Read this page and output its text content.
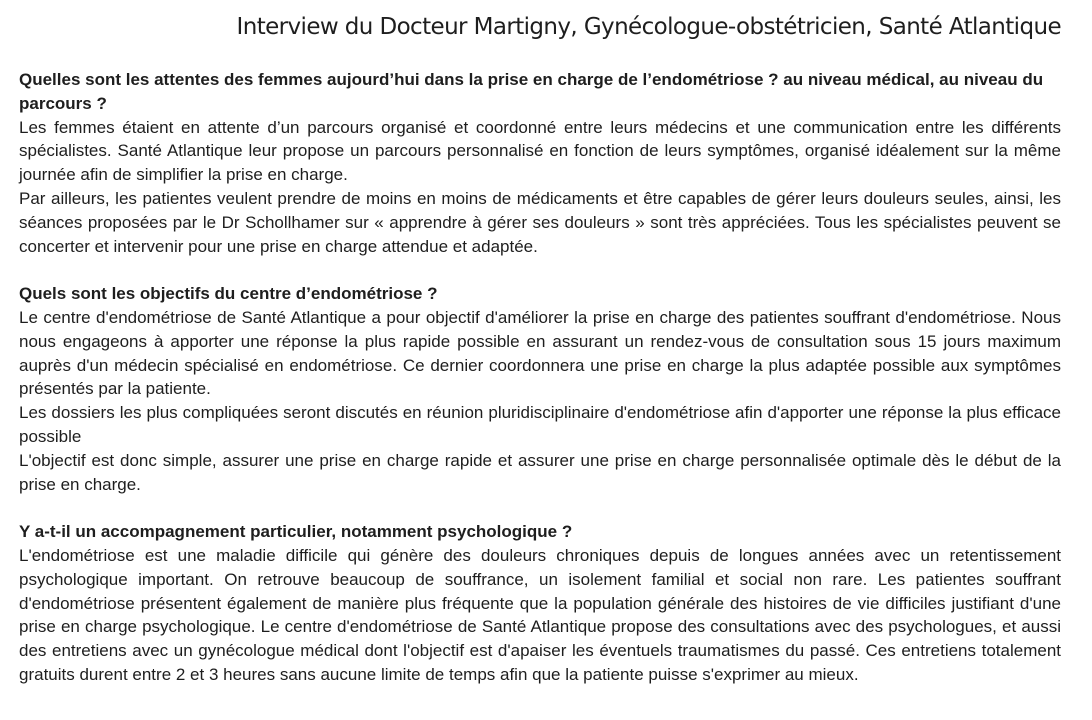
Interview du Docteur Martigny, Gynécologue-obstétricien, Santé Atlantique

Quelles sont les attentes des femmes aujourd’hui dans la prise en charge de l’endométriose ? au niveau médical, au niveau du parcours ?

Les femmes étaient en attente d’un parcours organisé et coordonné entre leurs médecins et une communication entre les différents spécialistes. Santé Atlantique leur propose un parcours personnalisé en fonction de leurs symptômes, organisé idéalement sur la même journée afin de simplifier la prise en charge.

Par ailleurs, les patientes veulent prendre de moins en moins de médicaments et être capables de gérer leurs douleurs seules, ainsi, les séances proposées par le Dr Schollhamer sur « apprendre à gérer ses douleurs » sont très appréciées. Tous les spécialistes peuvent se concerter et intervenir pour une prise en charge attendue et adaptée.

Quels sont les objectifs du centre d’endométriose ?

Le centre d'endométriose de Santé Atlantique a pour objectif d'améliorer la prise en charge des patientes souffrant d'endométriose. Nous nous engageons à apporter une réponse la plus rapide possible en assurant un rendez-vous de consultation sous 15 jours maximum auprès d'un médecin spécialisé en endométriose. Ce dernier coordonnera une prise en charge la plus adaptée possible aux symptômes présentés par la patiente.

Les dossiers les plus compliquées seront discutés en réunion pluridisciplinaire d'endométriose afin d'apporter une réponse la plus efficace possible

L'objectif est donc simple, assurer une prise en charge rapide et assurer une prise en charge personnalisée optimale dès le début de la prise en charge.

Y a-t-il un accompagnement particulier, notamment psychologique ?

L'endométriose est une maladie difficile qui génère des douleurs chroniques depuis de longues années avec un retentissement psychologique important. On retrouve beaucoup de souffrance, un isolement familial et social non rare. Les patientes souffrant d'endométriose présentent également de manière plus fréquente que la population générale des histoires de vie difficiles justifiant d'une prise en charge psychologique. Le centre d'endométriose de Santé Atlantique propose des consultations avec des psychologues, et aussi des entretiens avec un gynécologue médical dont l'objectif est d'apaiser les éventuels traumatismes du passé. Ces entretiens totalement gratuits durent entre 2 et 3 heures sans aucune limite de temps afin que la patiente puisse s'exprimer au mieux.
